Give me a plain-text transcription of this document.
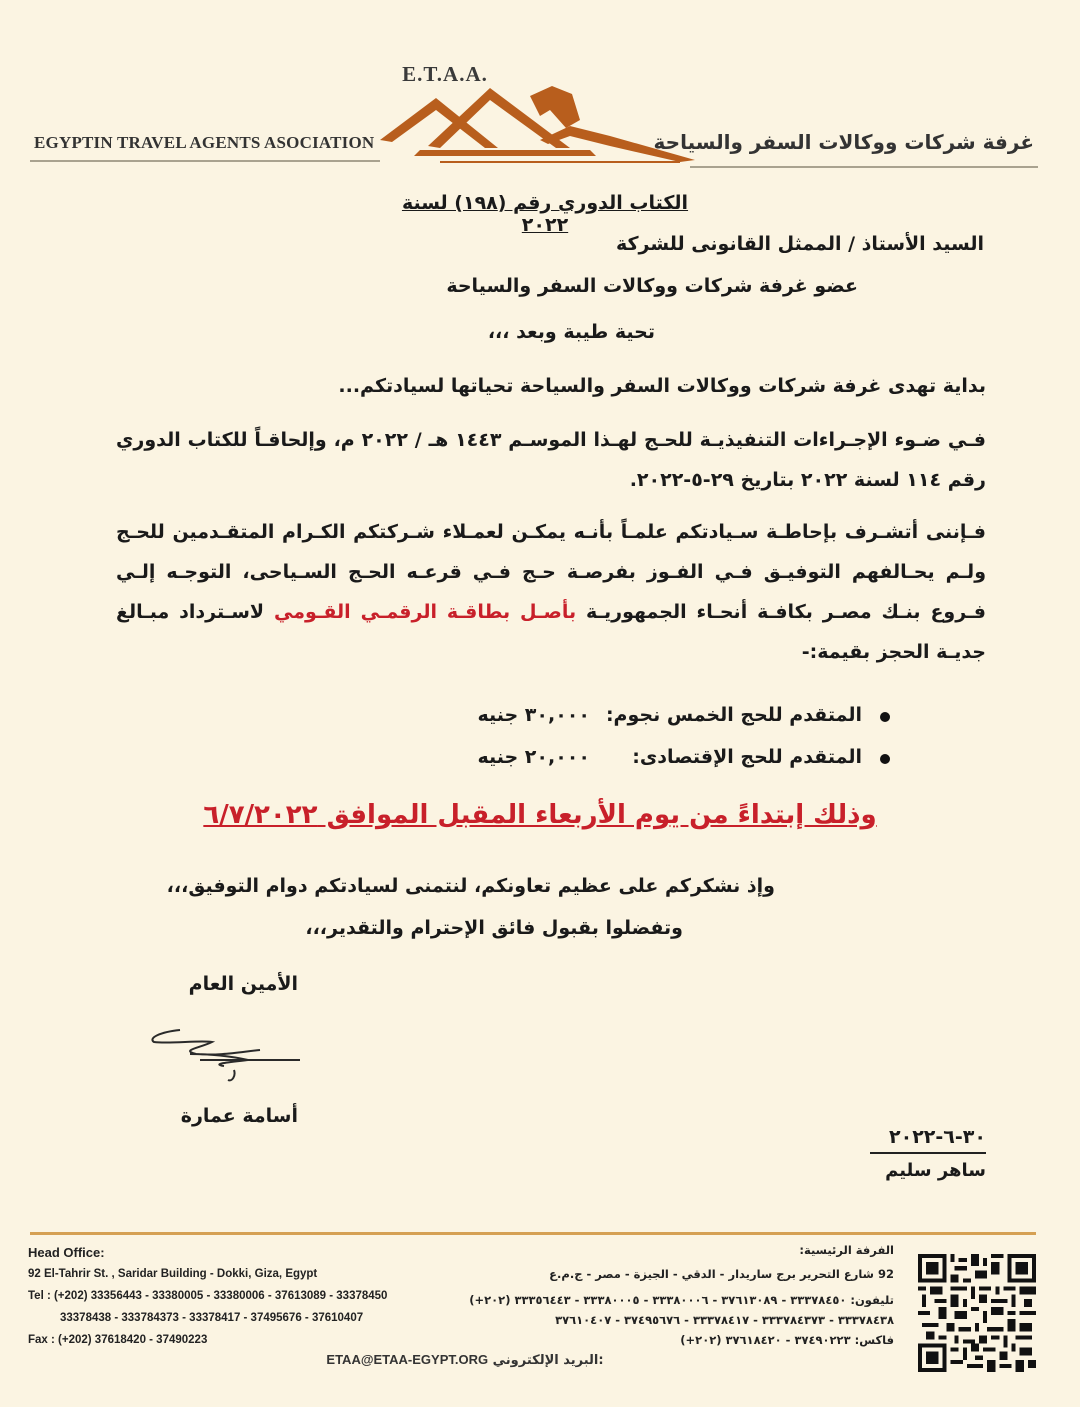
EGYPTIN TRAVEL AGENTS ASOCIATION	غرفة شركات ووكالات السفر والسياحة
E.T.A.A.
الكتاب الدوري رقم (١٩٨) لسنة ٢٠٢٢
السيد الأستاذ / الممثل القانونى للشركة
عضو غرفة شركات ووكالات السفر والسياحة
تحية طيبة وبعد ،،،
بداية تهدى غرفة شركات ووكالات السفر والسياحة تحياتها لسيادتكم...
فـي ضـوء الإجـراءات التنفيذيـة للحـج لهـذا الموسـم ١٤٤٣ هـ / ٢٠٢٢ م، وإلحاقـاً للكتاب الدوري رقم ١١٤ لسنة ٢٠٢٢ بتاريخ ٢٩-٥-٢٠٢٢.
فـإننى أتشـرف بإحاطـة سـيادتكم علمـاً بأنـه يمكـن لعمـلاء شـركتكم الكـرام المتقـدمين للحـج ولـم يحـالفهم التوفيـق فـي الفـوز بفرصـة حـج فـي قرعـه الحـج السـياحى، التوجـه إلـي فـروع بنـك مصـر بكافـة أنحـاء الجمهوريـة بأصـل بطاقـة الرقمـي القـومي لاسـترداد مبـالغ جديـة الحجز بقيمة:-
المتقدم للحج الخمس نجوم:
٣٠,٠٠٠ جنيه
المتقدم للحج الإقتصادى:
٢٠,٠٠٠ جنيه
وذلك إبتداءً من يوم الأربعاء المقبل الموافق ٦/٧/٢٠٢٢
وإذ نشكركم على عظيم تعاونكم، لنتمنى لسيادتكم دوام التوفيق،،،
وتفضلوا بقبول فائق الإحترام والتقدير،،،
الأمين العام
أسامة عمارة
٣٠-٦-٢٠٢٢
ساهر سليم
Head Office:
92 El-Tahrir St. , Saridar Building - Dokki, Giza, Egypt
Tel : (+202) 33356443 - 33380005 - 33380006 - 37613089 - 33378450
33378438 - 333784373 - 33378417 - 37495676 - 37610407
Fax : (+202) 37618420 - 37490223
الفرفة الرئيسية:
92 شارع التحرير برج ساريدار - الدقي - الجيزة - مصر - ج.م.ع
تليفون: ٣٣٣٧٨٤٥٠ - ٣٧٦١٣٠٨٩ - ٣٣٣٨٠٠٠٦ - ٣٣٣٨٠٠٠٥ - ٣٣٣٥٦٤٤٣ (٢٠٢+)
٣٣٣٧٨٤٣٨ - ٣٣٣٧٨٤٣٧٣ - ٣٣٣٧٨٤١٧ - ٣٧٤٩٥٦٧٦ - ٣٧٦١٠٤٠٧
فاكس: ٣٧٤٩٠٢٢٣ - ٣٧٦١٨٤٢٠ (٢٠٢+)
ETAA@ETAA-EGYPT.ORG البريد الإلكتروني:
